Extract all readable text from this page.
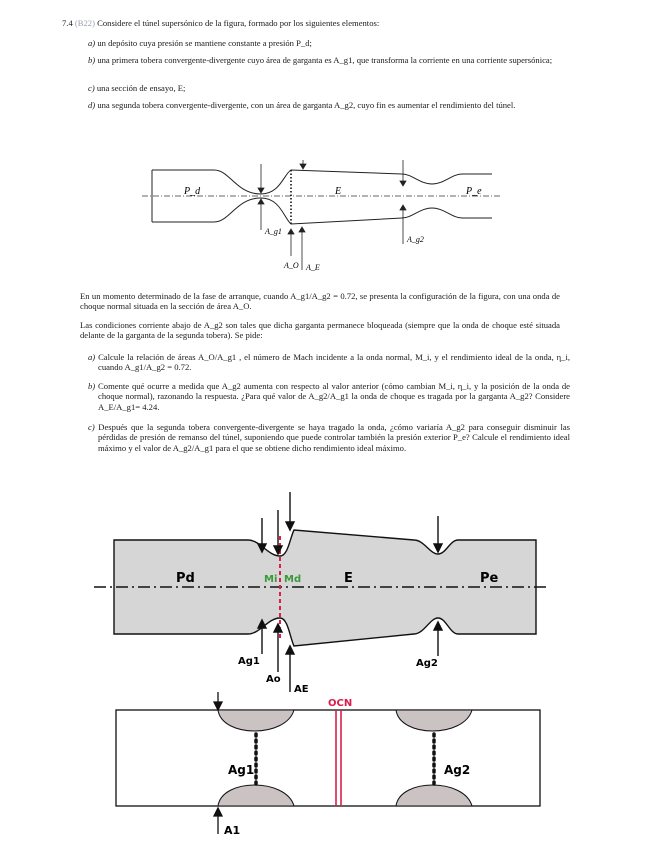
7.4 (B22) Considere el túnel supersónico de la figura, formado por los siguientes elementos:
a) un depósito cuya presión se mantiene constante a presión P_d;
b) una primera tobera convergente-divergente cuyo área de garganta es A_g1, que transforma la corriente en una corriente supersónica;
c) una sección de ensayo, E;
d) una segunda tobera convergente-divergente, con un área de garganta A_g2, cuyo fin es aumentar el rendimiento del túnel.
P_d	E	P_e
A_g1
A_g2
A_O A_E
En un momento determinado de la fase de arranque, cuando A_g1/A_g2 = 0.72, se presenta la configuración de la figura, con una onda de choque normal situada en la sección de área A_O.
Las condiciones corriente abajo de A_g2 son tales que dicha garganta permanece bloqueada (siempre que la onda de choque esté situada delante de la garganta de la segunda tobera). Se pide:
a) Calcule la relación de áreas A_O/A_g1 , el número de Mach incidente a la onda normal, M_i, y el rendimiento ideal de la onda, η_i, cuando A_g1/A_g2 = 0.72.
b) Comente qué ocurre a medida que A_g2 aumenta con respecto al valor anterior (cómo cambian M_i, η_i, y la posición de la onda de choque normal), razonando la respuesta. ¿Para qué valor de A_g2/A_g1 la onda de choque es tragada por la garganta A_g2? Considere A_E/A_g1= 4.24.
c) Después que la segunda tobera convergente-divergente se haya tragado la onda, ¿cómo variaría A_g2 para conseguir disminuir las pérdidas de presión de remanso del túnel, suponiendo que puede controlar también la presión exterior P_e? Calcule el rendimiento ideal máximo y el valor de A_g2/A_g1 para el que se obtiene dicho rendimiento ideal máximo.
Pd	Mi Md	E	Pe
Ag1
Ao
AE
Ag2
OCN
Ag1	Ag2
A1
